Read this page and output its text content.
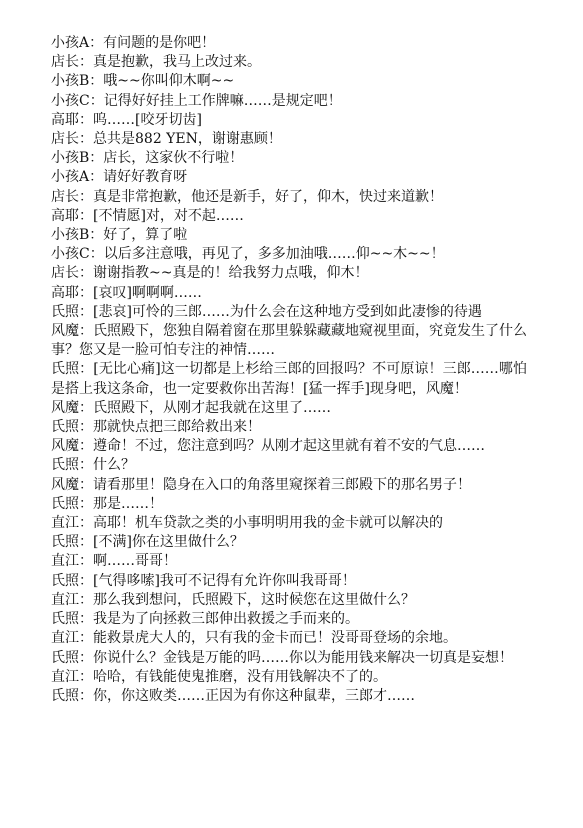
小孩A：有问题的是你吧！
店长：真是抱歉，我马上改过来。
小孩B：哦~~你叫仰木啊~~
小孩C：记得好好挂上工作牌嘛……是规定吧！
高耶：呜……[咬牙切齿]
店长：总共是882 YEN，谢谢惠顾！
小孩B：店长，这家伙不行啦！
小孩A：请好好教育呀
店长：真是非常抱歉，他还是新手，好了，仰木，快过来道歉！
高耶：[不情愿]对，对不起……
小孩B：好了，算了啦
小孩C：以后多注意哦，再见了，多多加油哦……仰~~木~~！
店长：谢谢指教~~真是的！给我努力点哦，仰木！
高耶：[哀叹]啊啊啊……
氏照：[悲哀]可怜的三郎……为什么会在这种地方受到如此凄惨的待遇
风魔：氏照殿下，您独自隔着窗在那里躲躲藏藏地窥视里面，究竟发生了什么事？您又是一脸可怕专注的神情……
氏照：[无比心痛]这一切都是上杉给三郎的回报吗？不可原谅！三郎……哪怕是搭上我这条命，也一定要救你出苦海！[猛一挥手]现身吧，风魔！
风魔：氏照殿下，从刚才起我就在这里了……
氏照：那就快点把三郎给救出来！
风魔：遵命！不过，您注意到吗？从刚才起这里就有着不安的气息……
氏照：什么？
风魔：请看那里！隐身在入口的角落里窥探着三郎殿下的那名男子！
氏照：那是……！
直江：高耶！机车贷款之类的小事明明用我的金卡就可以解决的
氏照：[不满]你在这里做什么？
直江：啊……哥哥！
氏照：[气得哆嗦]我可不记得有允许你叫我哥哥！
直江：那么我到想问，氏照殿下，这时候您在这里做什么？
氏照：我是为了向拯救三郎伸出救援之手而来的。
直江：能救景虎大人的，只有我的金卡而已！没哥哥登场的余地。
氏照：你说什么？金钱是万能的吗……你以为能用钱来解决一切真是妄想！
直江：哈哈，有钱能使鬼推磨，没有用钱解决不了的。
氏照：你，你这败类……正因为有你这种鼠辈，三郎才……
